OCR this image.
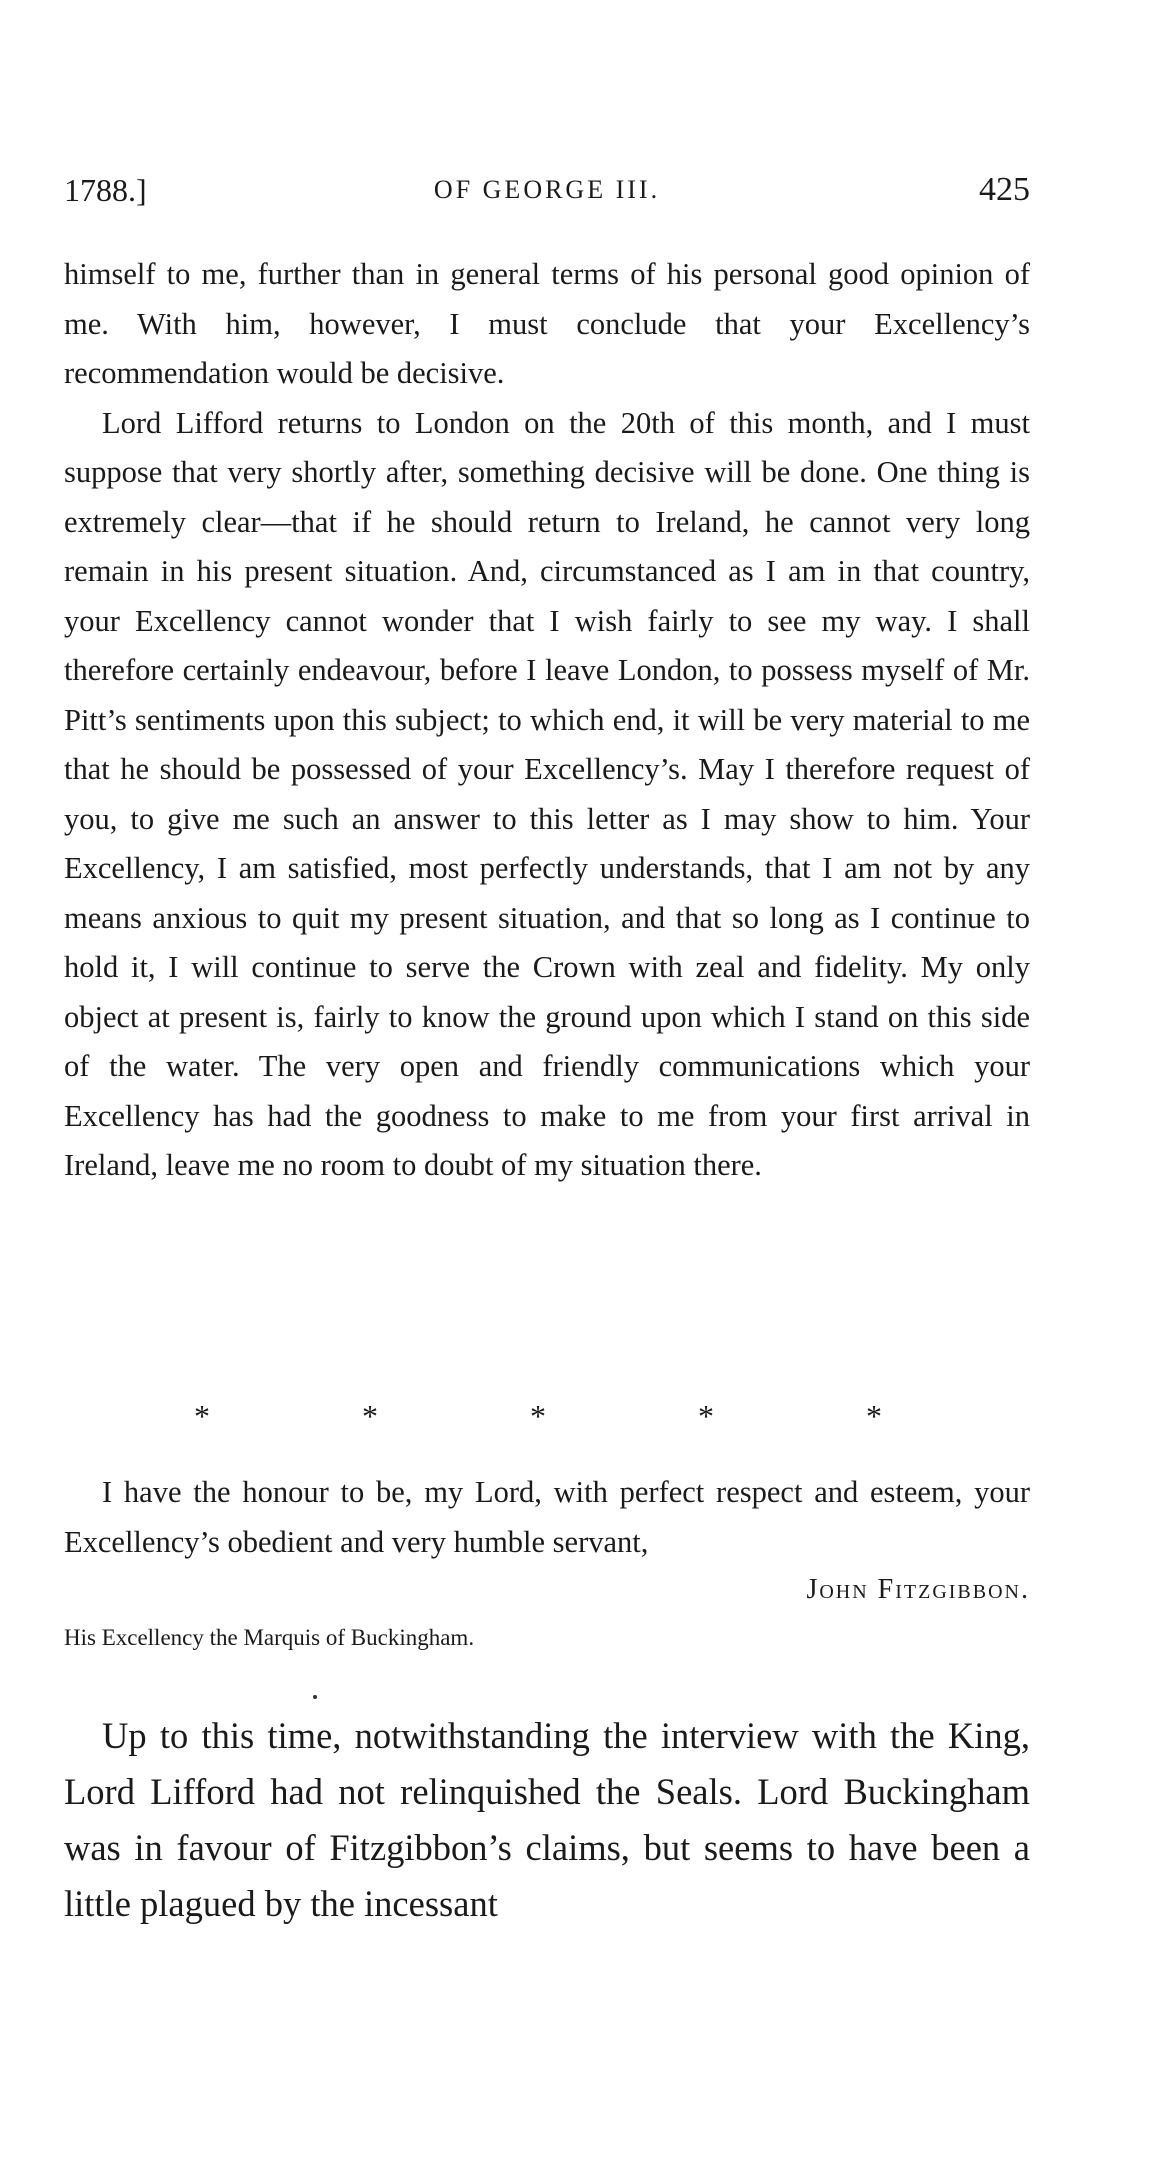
1788.]	OF GEORGE III.	425

himself to me, further than in general terms of his personal good opinion of me. With him, however, I must conclude that your Excellency’s recommendation would be decisive.

Lord Lifford returns to London on the 20th of this month, and I must suppose that very shortly after, something decisive will be done. One thing is extremely clear—that if he should return to Ireland, he cannot very long remain in his present situation. And, circumstanced as I am in that country, your Excellency cannot wonder that I wish fairly to see my way. I shall therefore certainly endeavour, before I leave London, to possess myself of Mr. Pitt’s sentiments upon this subject; to which end, it will be very material to me that he should be possessed of your Excellency’s. May I therefore request of you, to give me such an answer to this letter as I may show to him. Your Excellency, I am satisfied, most perfectly understands, that I am not by any means anxious to quit my present situation, and that so long as I continue to hold it, I will continue to serve the Crown with zeal and fidelity. My only object at present is, fairly to know the ground upon which I stand on this side of the water. The very open and friendly communications which your Excellency has had the goodness to make to me from your first arrival in Ireland, leave me no room to doubt of my situation there.

*	*	*	*	*

I have the honour to be, my Lord, with perfect respect and esteem, your Excellency’s obedient and very humble servant,

John Fitzgibbon.
His Excellency the Marquis of Buckingham.

Up to this time, notwithstanding the interview with the King, Lord Lifford had not relinquished the Seals. Lord Buckingham was in favour of Fitzgibbon’s claims, but seems to have been a little plagued by the incessant
